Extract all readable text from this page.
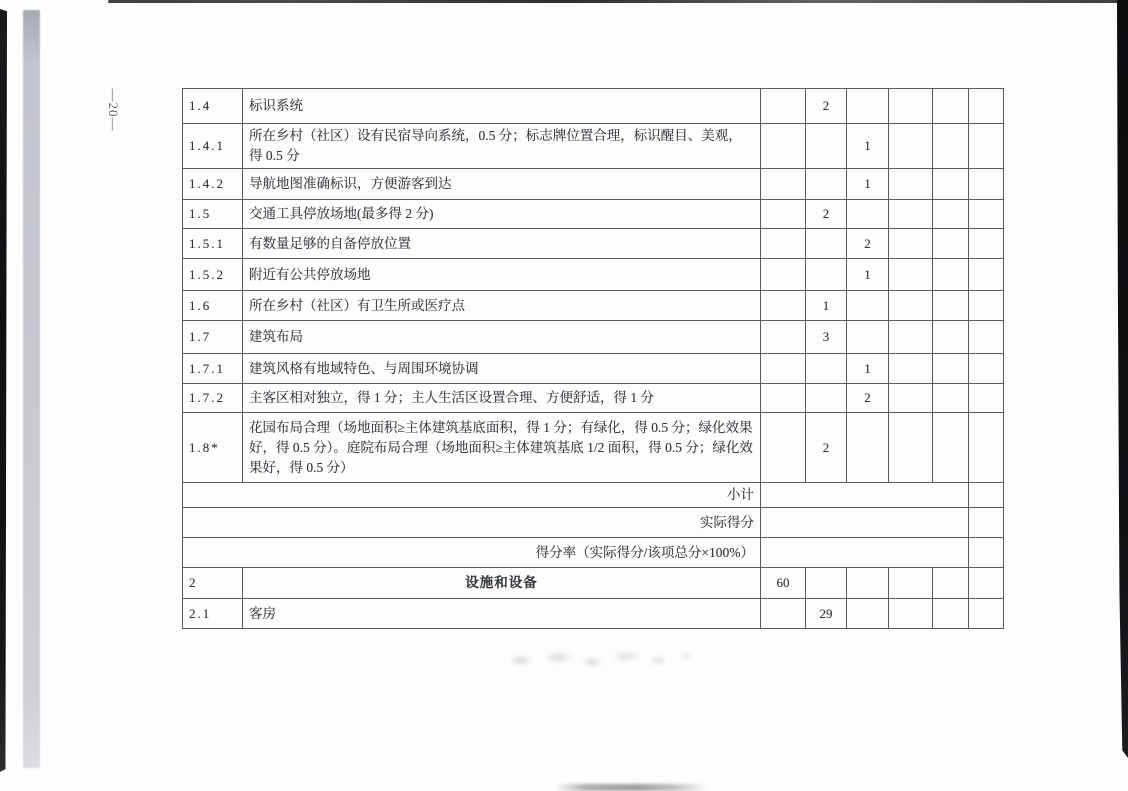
—20—	1.4	标识系统		2				
1.4.1	所在乡村（社区）设有民宿导向系统，0.5 分；标志牌位置合理，标识醒目、美观，得 0.5 分			1			
1.4.2	导航地图准确标识，方便游客到达			1			
1.5	交通工具停放场地(最多得 2 分)		2				
1.5.1	有数量足够的自备停放位置			2			
1.5.2	附近有公共停放场地			1			
1.6	所在乡村（社区）有卫生所或医疗点		1				
1.7	建筑布局		3				
1.7.1	建筑风格有地域特色、与周围环境协调			1			
1.7.2	主客区相对独立，得 1 分；主人生活区设置合理、方便舒适，得 1 分			2			
1.8*	花园布局合理（场地面积≥主体建筑基底面积，得 1 分；有绿化，得 0.5 分；绿化效果好，得 0.5 分）。庭院布局合理（场地面积≥主体建筑基底 1/2 面积，得 0.5 分；绿化效果好，得 0.5 分）		2				
小计							
实际得分							
得分率（实际得分/该项总分×100%）							
2	设施和设备	60					
2.1	客房		29				
